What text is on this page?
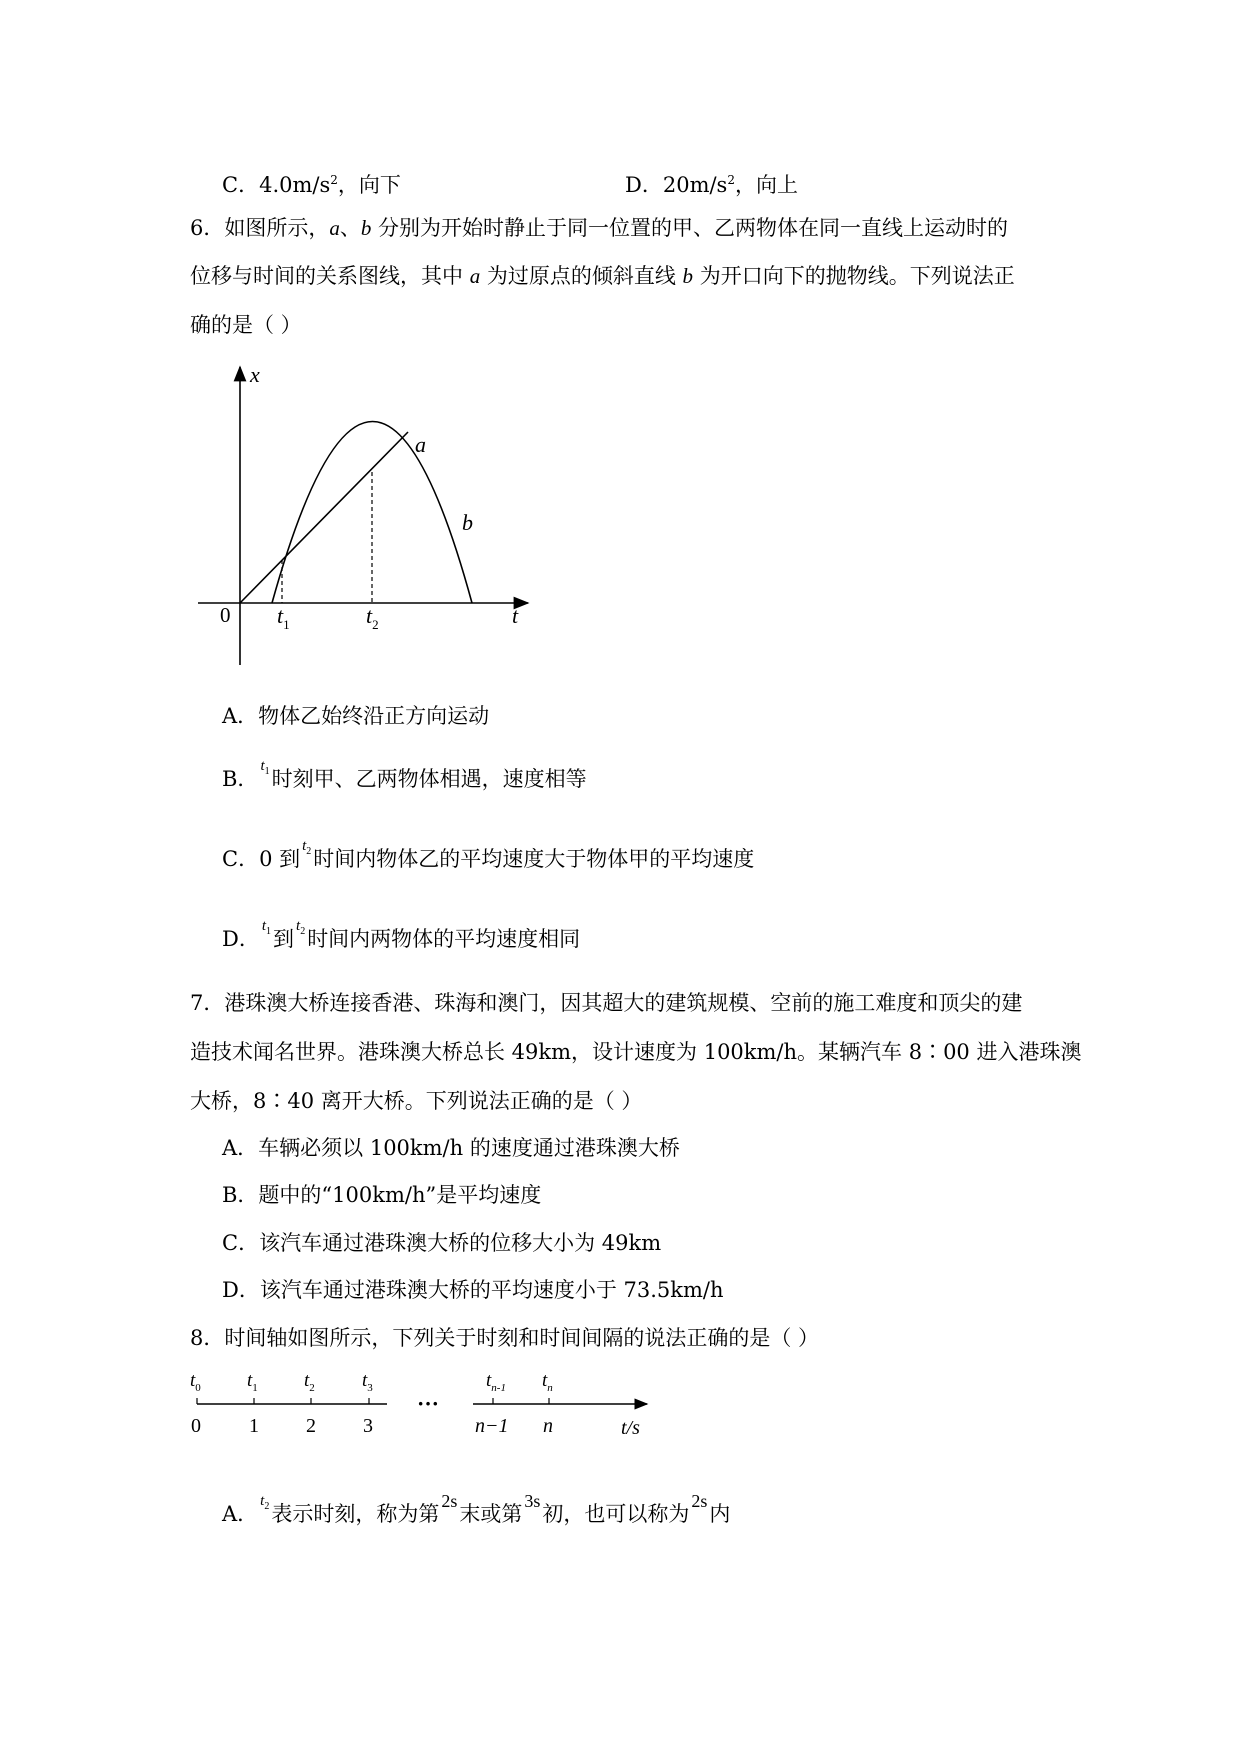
C．$4.0m/s^2$，向下	D．$20m/s^2$，向上
6．如图所示，a、b 分别为开始时静止于同一位置的甲、乙两物体在同一直线上运动时的
位移与时间的关系图线，其中 a 为过原点的倾斜直线 b 为开口向下的抛物线。下列说法正
确的是（ ）
x
t
0
a
b
$t_1$	$t_2$
A．物体乙始终沿正方向运动
B．$t_1$时刻甲、乙两物体相遇，速度相等
C．0 到$t_2$时间内物体乙的平均速度大于物体甲的平均速度
D．$t_1$到$t_2$时间内两物体的平均速度相同
7．港珠澳大桥连接香港、珠海和澳门，因其超大的建筑规模、空前的施工难度和顶尖的建
造技术闻名世界。港珠澳大桥总长 49km，设计速度为 100km/h。某辆汽车 8∶00 进入港珠澳
大桥，8∶40 离开大桥。下列说法正确的是（ ）
A．车辆必须以 100km/h 的速度通过港珠澳大桥
B．题中的“100km/h”是平均速度
C．该汽车通过港珠澳大桥的位移大小为 49km
D．该汽车通过港珠澳大桥的平均速度小于 73.5km/h
8．时间轴如图所示，下列关于时刻和时间间隔的说法正确的是（ ）
$t_0$ $t_1$ $t_2$ $t_3$	$t_{n-1}$ $t_n$
0 1 2 3	n−1 n
···
t/s
A．$t_2$表示时刻，称为第2s末或第3s初，也可以称为2s内
